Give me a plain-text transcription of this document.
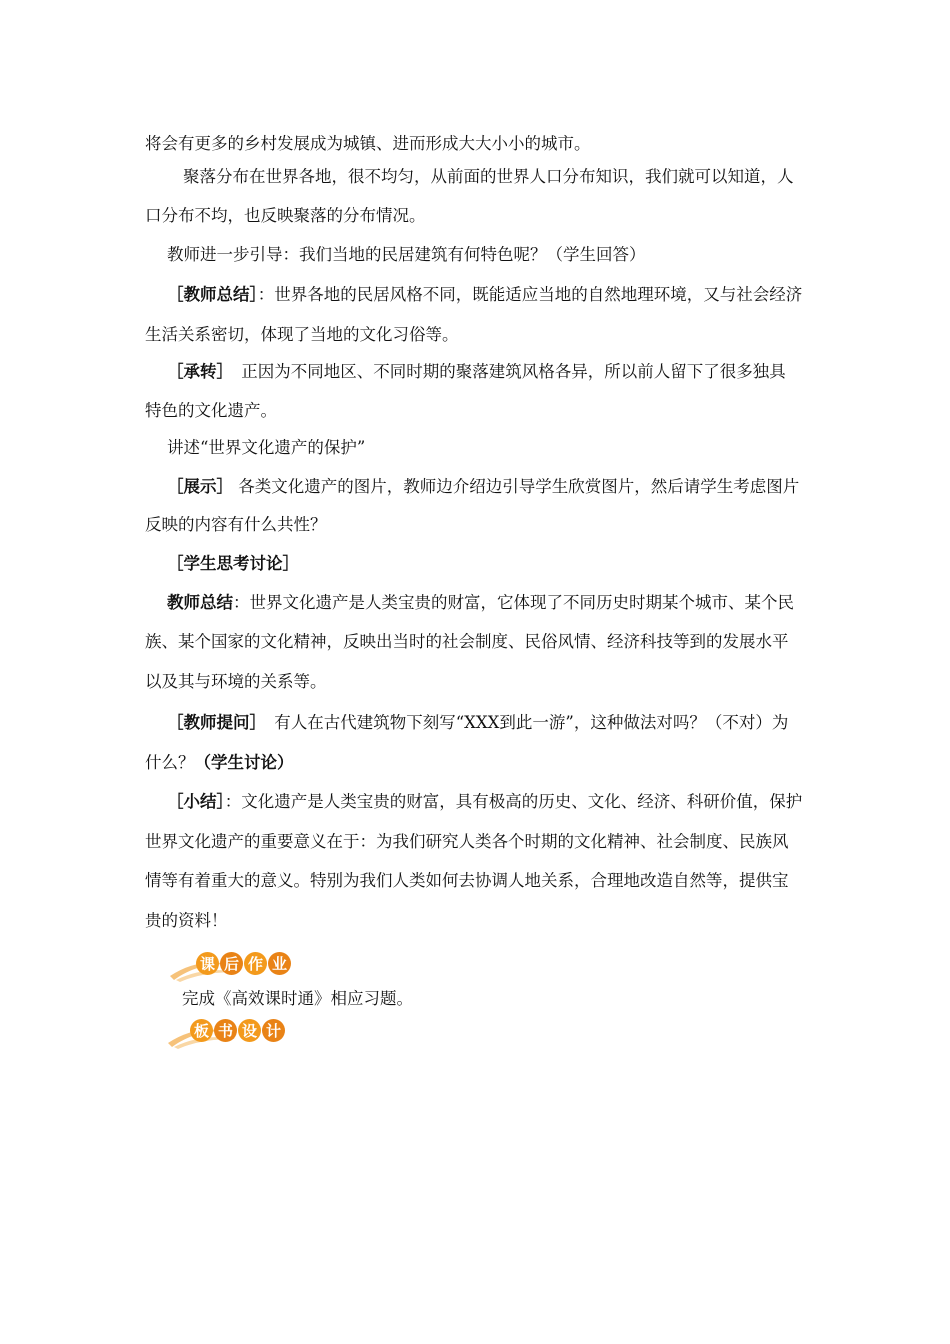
将会有更多的乡村发展成为城镇、进而形成大大小小的城市。
聚落分布在世界各地，很不均匀，从前面的世界人口分布知识，我们就可以知道，人
口分布不均，也反映聚落的分布情况。
教师进一步引导：我们当地的民居建筑有何特色呢？（学生回答）
［教师总结］：世界各地的民居风格不同，既能适应当地的自然地理环境，又与社会经济
生活关系密切，体现了当地的文化习俗等。
［承转］　正因为不同地区、不同时期的聚落建筑风格各异，所以前人留下了很多独具
特色的文化遗产。
讲述“世界文化遗产的保护”
［展示］ 各类文化遗产的图片，教师边介绍边引导学生欣赏图片，然后请学生考虑图片
反映的内容有什么共性？
［学生思考讨论］
教师总结：世界文化遗产是人类宝贵的财富，它体现了不同历史时期某个城市、某个民
族、某个国家的文化精神，反映出当时的社会制度、民俗风情、经济科技等到的发展水平
以及其与环境的关系等。
［教师提问］　 有人在古代建筑物下刻写“XXX到此一游”，这种做法对吗？（不对）为
什么？（学生讨论）
［小结］：文化遗产是人类宝贵的财富，具有极高的历史、文化、经济、科研价值，保护
世界文化遗产的重要意义在于：为我们研究人类各个时期的文化精神、社会制度、民族风
情等有着重大的意义。特别为我们人类如何去协调人地关系，合理地改造自然等，提供宝
贵的资料！
课 后 作 业
完成《高效课时通》相应习题。
板 书 设 计
